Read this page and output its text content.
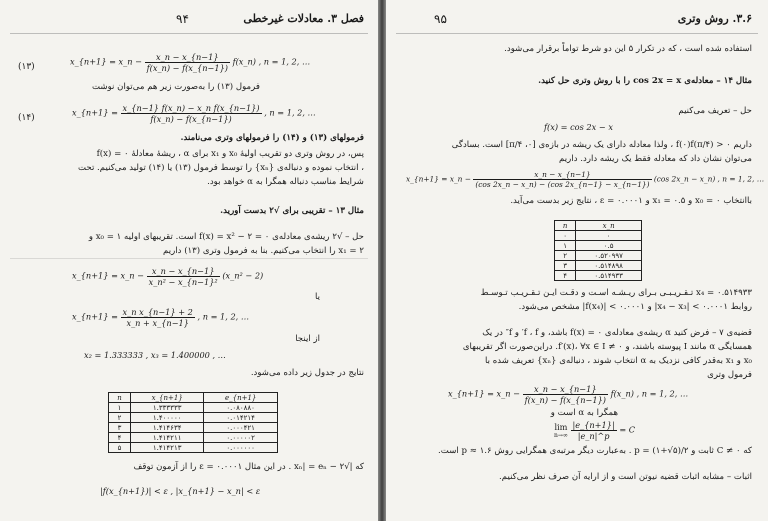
فصل ۳. معادلات غیرخطی
۹۴
x_{n+1} = x_n − $\frac{x\_n - x\_\{n-1\}}{f(x\_n) - f(x\_\{n-1\})}$ f(x_n) , n = 1, 2, …
(۱۳)
فرمول (۱۳) را به‌صورت زیر هم می‌توان نوشت
x_{n+1} = $\frac{\text{x\_\{n−1\} f(x\_n) − x\_n f(x\_\{n−1\})}}{f(x\_n) - f(x\_\{n-1\})}$ , n = 1, 2, …
(۱۴)
فرمولهای (۱۳) و (۱۴) را فرمولهای وتری می‌نامند.
پس، در روش وتری دو تقریب اولیهٔ x₀ و x₁ برای α ، ریشهٔ معادلهٔ ۰ = f(x)
، انتخاب نموده و دنباله‌ی {xₙ} را توسط فرمول (۱۳) یا (۱۴) تولید می‌کنیم. تحت
شرایط مناسب دنباله همگرا به α خواهد بود.
مثال ۱۳ – تقریبی برای √۲ بدست آورید.
حل – √۲ ریشه‌ی معادله‌ی ۰ = ۲ − f(x) = x² است. تقریبهای اولیه ۱ = x₀ و
۲ = x₁ را انتخاب می‌کنیم. بنا به فرمول وتری (۱۳) داریم
x_{n+1} = x_n − $\frac{x\_n - x\_\{n-1\}}{\text{x\_n² − x\_\{n−1\}²}}$ (x_n² − 2)
یا
x_{n+1} = $\frac{\text{x\_n x\_\{n−1\} + 2}}{x\_n + x\_\{n-1\}}$ , n = 1, 2, …
از اینجا
x₂ = 1.333333 , x₃ = 1.400000 , …
نتایج در جدول زیر داده می‌شود.
n	x_{n+1}	e_{n+1}
۱	۱.۳۳۳۳۳۳	۰.۰۸۰۸۸۰
۲	۱.۴۰۰۰۰۰	۰.۰۱۴۲۱۴
۳	۱.۴۱۴۶۳۴	۰.۰۰۰۴۲۱
۴	۱.۴۱۴۲۱۱	۰.۰۰۰۰۰۲
۵	۱.۴۱۴۲۱۳	۰.۰۰۰۰۰۰
که |√۲ − xₙ| = eₙ . در این مثال ۰.۰۰۰۱ = ε را از آزمون توقف
|f(x_{n+1})| < ε , |x_{n+1} − x_n| < ε
۹۵	۳.۶. روش وتری
استفاده شده است ، که در تکرار ۵ این دو شرط تواماً برقرار می‌شود.
مثال ۱۴ – معادله‌ی cos 2x = x را با روش وتری حل کنید.
حل – تعریف می‌کنیم
f(x) = cos 2x − x
داریم ۰ < f(۰)f(π/۴) ، ولذا معادله دارای یک ریشه در بازه‌ی [۰، π/۴] است. بسادگی
می‌توان نشان داد که معادله فقط یک ریشه دارد. داریم
x_{n+1} = x_n − $\frac{x\_n - x\_\{n-1\}}{(\cos 2x\_n - x\_n) - (\cos 2x\_\{n-1\} - x\_\{n-1\})} (\cos$ 2x_n − x_n) , n = 1, 2, …
باانتخاب ۰ = x₀ و ۰.۵ = x₁ و ۰.۰۰۰۱ = ε ، نتایج زیر بدست می‌آید.
n	x_n
۰	۰
۱	۰.۵
۲	۰.۵۲۰۹۹۷
۳	۰.۵۱۴۸۹۸
۴	۰.۵۱۴۹۳۳
x₄ = ۰.۵۱۴۹۳۳ تـقـریـبـی بـرای ریـشـه اسـت و دقـت ایـن تـقـریـب تـوسـط
روابط ۰.۰۰۰۱ > |x₄ − x₃| و ۰.۰۰۰۱ > |f(x₄)| مشخص می‌شود.
قضیه‌ی ۷ – فرض کنید α ریشه‌ی معادله‌ی ۰ = f(x) باشد، و f ، f′ و f″ در یک
همسایگی α مانند I پیوسته باشند، و ۰ ≠ f′(x)، ∀x ∈ I. دراین‌صورت اگر تقریبهای
x₀ و x₁ به‌قدر کافی نزدیک به α انتخاب شوند ، دنباله‌ی {xₙ} تعریف شده با
فرمول وتری
x_{n+1} = x_n − $\frac{x\_n - x\_\{n-1\}}{f(x\_n) - f(x\_\{n-1\})}$ f(x_n) , n = 1, 2, …
همگرا به α است و
lim
n→∞
$\frac{|e\_\{n+1\}|}{|e\_n|\^{}p} = C$
که ۰ ≠ C ثابت و p = (۱+√۵)/۲ . به‌عبارت دیگر مرتبه‌ی همگرایی روش p ≈ ۱.۶ است.
اثبات – مشابه اثبات قضیه نیوتن است و از ارایه آن صرف نظر می‌کنیم.
